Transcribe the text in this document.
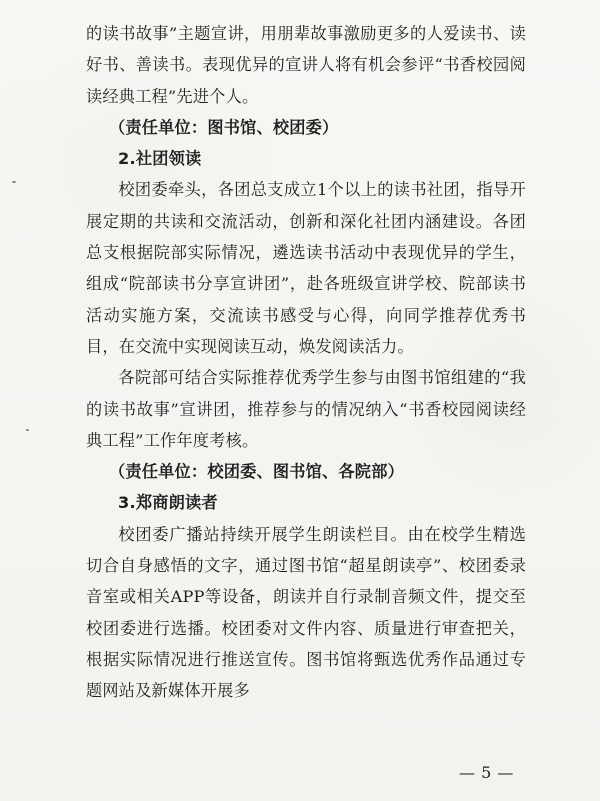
的读书故事”主题宣讲，用朋辈故事激励更多的人爱读书、读好书、善读书。表现优异的宣讲人将有机会参评“书香校园阅读经典工程”先进个人。

（责任单位：图书馆、校团委）

2.社团领读

校团委牵头，各团总支成立1个以上的读书社团，指导开展定期的共读和交流活动，创新和深化社团内涵建设。各团总支根据院部实际情况，遴选读书活动中表现优异的学生，组成“院部读书分享宣讲团”，赴各班级宣讲学校、院部读书活动实施方案，交流读书感受与心得，向同学推荐优秀书目，在交流中实现阅读互动，焕发阅读活力。

各院部可结合实际推荐优秀学生参与由图书馆组建的“我的读书故事”宣讲团，推荐参与的情况纳入“书香校园阅读经典工程”工作年度考核。

（责任单位：校团委、图书馆、各院部）

3.郑商朗读者

校团委广播站持续开展学生朗读栏目。由在校学生精选切合自身感悟的文字，通过图书馆“超星朗读亭”、校团委录音室或相关APP等设备，朗读并自行录制音频文件，提交至校团委进行选播。校团委对文件内容、质量进行审查把关，根据实际情况进行推送宣传。图书馆将甄选优秀作品通过专题网站及新媒体开展多

— 5 —
